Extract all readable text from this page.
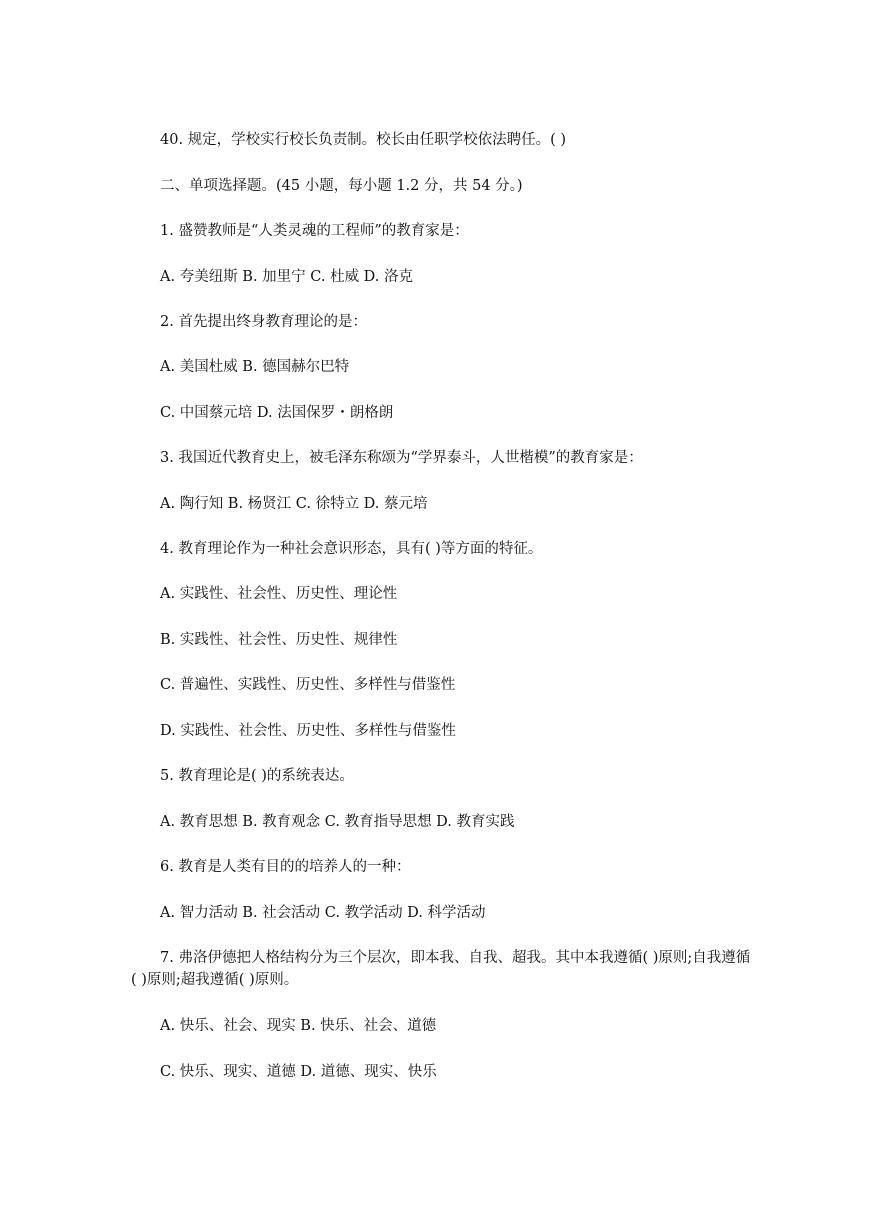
40. 规定，学校实行校长负责制。校长由任职学校依法聘任。( )
二、单项选择题。(45 小题，每小题 1.2 分，共 54 分。)
1. 盛赞教师是“人类灵魂的工程师”的教育家是：
A. 夸美纽斯 B. 加里宁 C. 杜威 D. 洛克
2. 首先提出终身教育理论的是：
A. 美国杜威 B. 德国赫尔巴特
C. 中国蔡元培 D. 法国保罗・朗格朗
3. 我国近代教育史上，被毛泽东称颂为“学界泰斗，人世楷模”的教育家是：
A. 陶行知 B. 杨贤江 C. 徐特立 D. 蔡元培
4. 教育理论作为一种社会意识形态，具有( )等方面的特征。
A. 实践性、社会性、历史性、理论性
B. 实践性、社会性、历史性、规律性
C. 普遍性、实践性、历史性、多样性与借鉴性
D. 实践性、社会性、历史性、多样性与借鉴性
5. 教育理论是( )的系统表达。
A. 教育思想 B. 教育观念 C. 教育指导思想 D. 教育实践
6. 教育是人类有目的的培养人的一种：
A. 智力活动 B. 社会活动 C. 教学活动 D. 科学活动
7. 弗洛伊德把人格结构分为三个层次，即本我、自我、超我。其中本我遵循( )原则;自我遵循( )原则;超我遵循( )原则。
A. 快乐、社会、现实 B. 快乐、社会、道德
C. 快乐、现实、道德 D. 道德、现实、快乐
